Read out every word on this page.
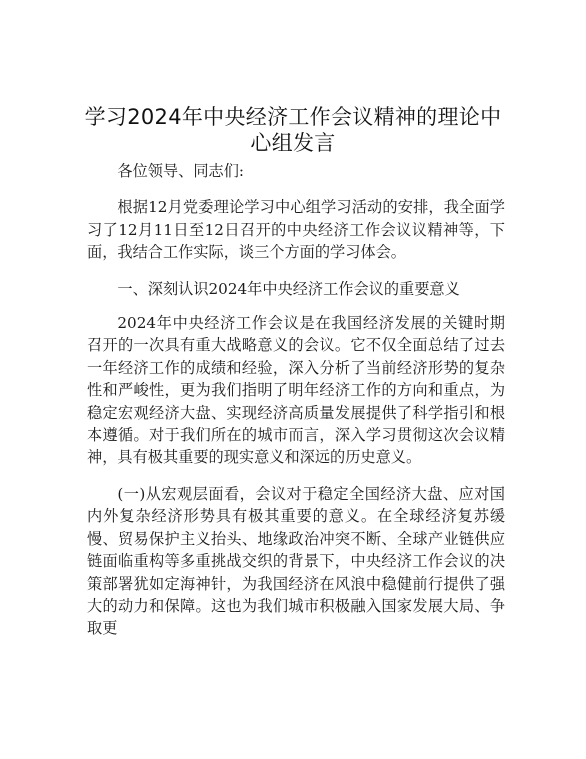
学习2024年中央经济工作会议精神的理论中心组发言

各位领导、同志们:

根据12月党委理论学习中心组学习活动的安排，我全面学习了12月11日至12日召开的中央经济工作会议议精神等，下面，我结合工作实际，谈三个方面的学习体会。

一、深刻认识2024年中央经济工作会议的重要意义

2024年中央经济工作会议是在我国经济发展的关键时期召开的一次具有重大战略意义的会议。它不仅全面总结了过去一年经济工作的成绩和经验，深入分析了当前经济形势的复杂性和严峻性，更为我们指明了明年经济工作的方向和重点，为稳定宏观经济大盘、实现经济高质量发展提供了科学指引和根本遵循。对于我们所在的城市而言，深入学习贯彻这次会议精神，具有极其重要的现实意义和深远的历史意义。

(一)从宏观层面看，会议对于稳定全国经济大盘、应对国内外复杂经济形势具有极其重要的意义。在全球经济复苏缓慢、贸易保护主义抬头、地缘政治冲突不断、全球产业链供应链面临重构等多重挑战交织的背景下，中央经济工作会议的决策部署犹如定海神针，为我国经济在风浪中稳健前行提供了强大的动力和保障。这也为我们城市积极融入国家发展大局、争取更
